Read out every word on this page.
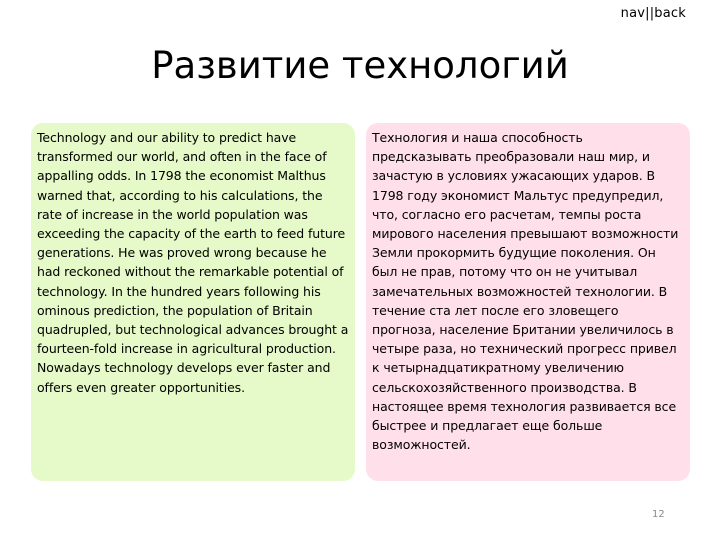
nav||back
Развитие технологий

Technology and our ability to predict have transformed our world, and often in the face of appalling odds. In 1798 the economist Malthus warned that, according to his calculations, the rate of increase in the world population was exceeding the capacity of the earth to feed future generations. He was proved wrong because he had reckoned without the remarkable potential of technology. In the hundred years following his ominous prediction, the population of Britain quadrupled, but technological advances brought a fourteen-fold increase in agricultural production. Nowadays technology develops ever faster and offers even greater opportunities.

Технология и наша способность предсказывать преобразовали наш мир, и зачастую в условиях ужасающих ударов. В 1798 году экономист Мальтус предупредил, что, согласно его расчетам, темпы роста мирового населения превышают возможности Земли прокормить будущие поколения. Он был не прав, потому что он не учитывал замечательных возможностей технологии. В течение ста лет после его зловещего прогноза, население Британии увеличилось в четыре раза, но технический прогресс привел к четырнадцатикратному увеличению сельскохозяйственного производства. В настоящее время технология развивается все быстрее и предлагает еще больше возможностей.

12
